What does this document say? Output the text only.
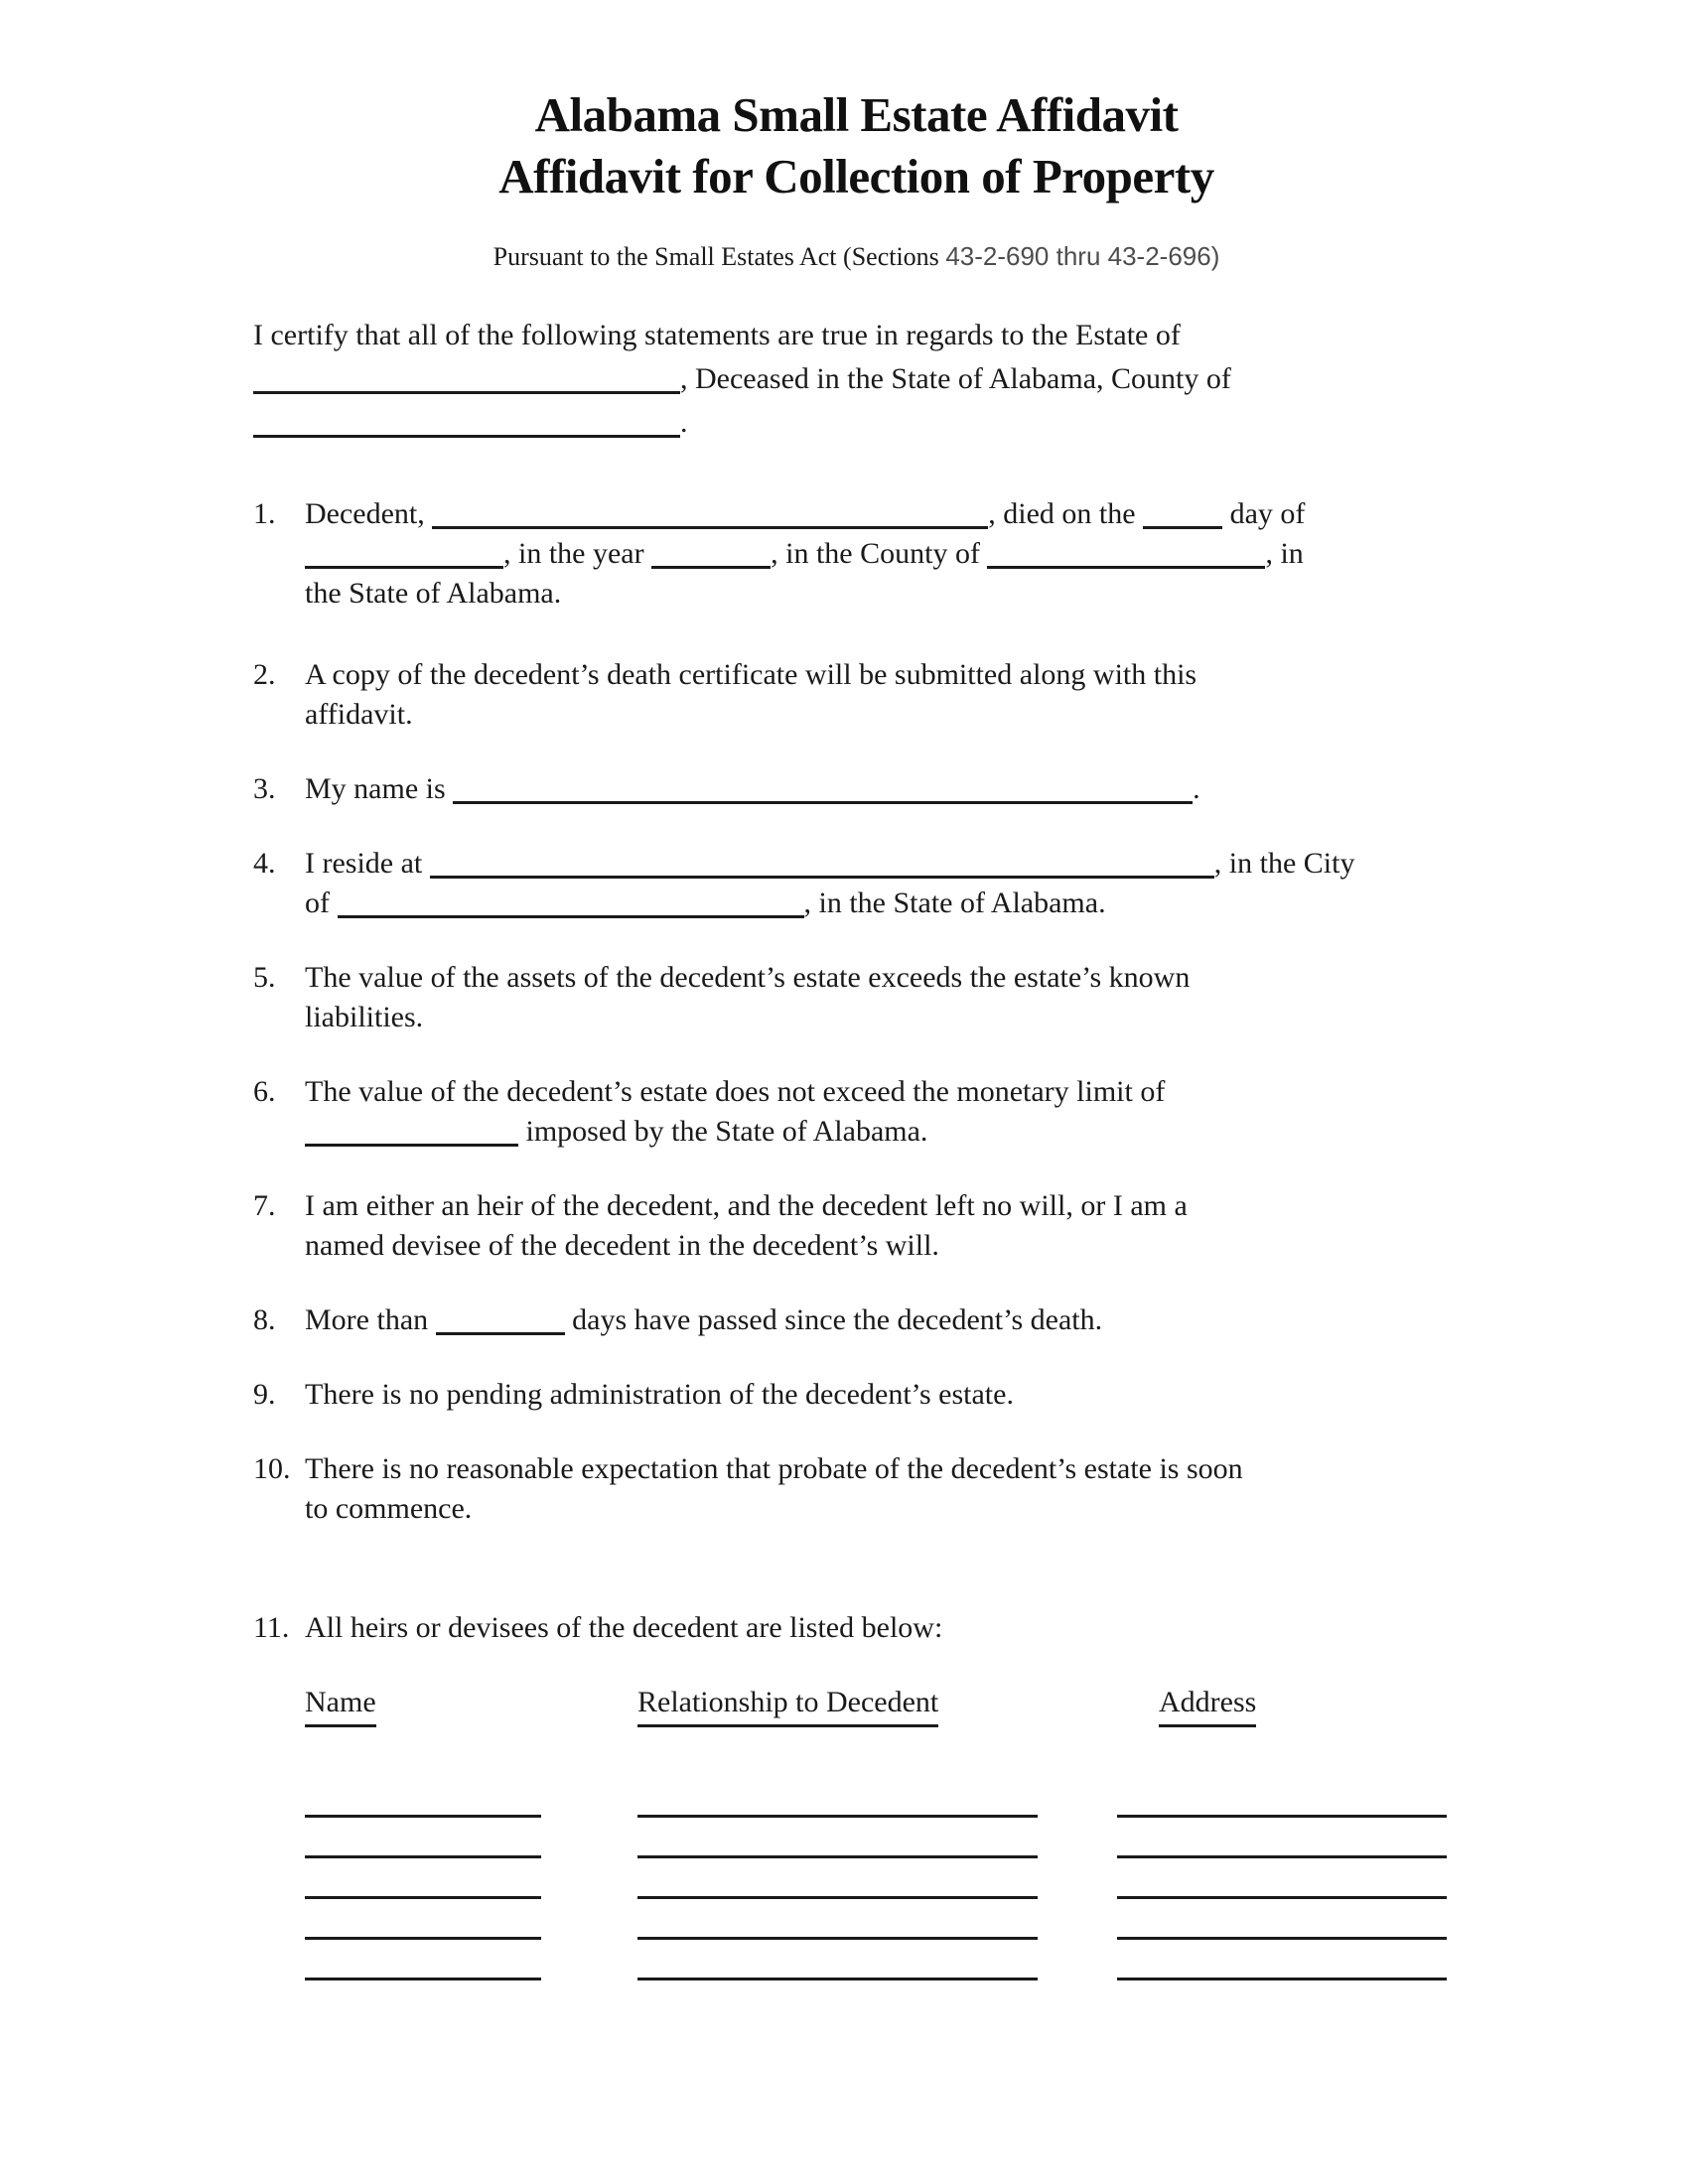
Alabama Small Estate Affidavit
Affidavit for Collection of Property

Pursuant to the Small Estates Act (Sections 43-2-690 thru 43-2-696)

I certify that all of the following statements are true in regards to the Estate of
, Deceased in the State of Alabama, County of
.
1. Decedent,	, died on the	day of
, in the year	, in the County of	, in
the State of Alabama.
2. A copy of the decedent’s death certificate will be submitted along with this
affidavit.
3. My name is	.
4. I reside at	, in the City
of	, in the State of Alabama.
5. The value of the assets of the decedent’s estate exceeds the estate’s known
liabilities.
6. The value of the decedent’s estate does not exceed the monetary limit of
imposed by the State of Alabama.
7. I am either an heir of the decedent, and the decedent left no will, or I am a
named devisee of the decedent in the decedent’s will.
8. More than	days have passed since the decedent’s death.
9. There is no pending administration of the decedent’s estate.
10. There is no reasonable expectation that probate of the decedent’s estate is soon
to commence.
11. All heirs or devisees of the decedent are listed below:
Name	Relationship to Decedent	Address
